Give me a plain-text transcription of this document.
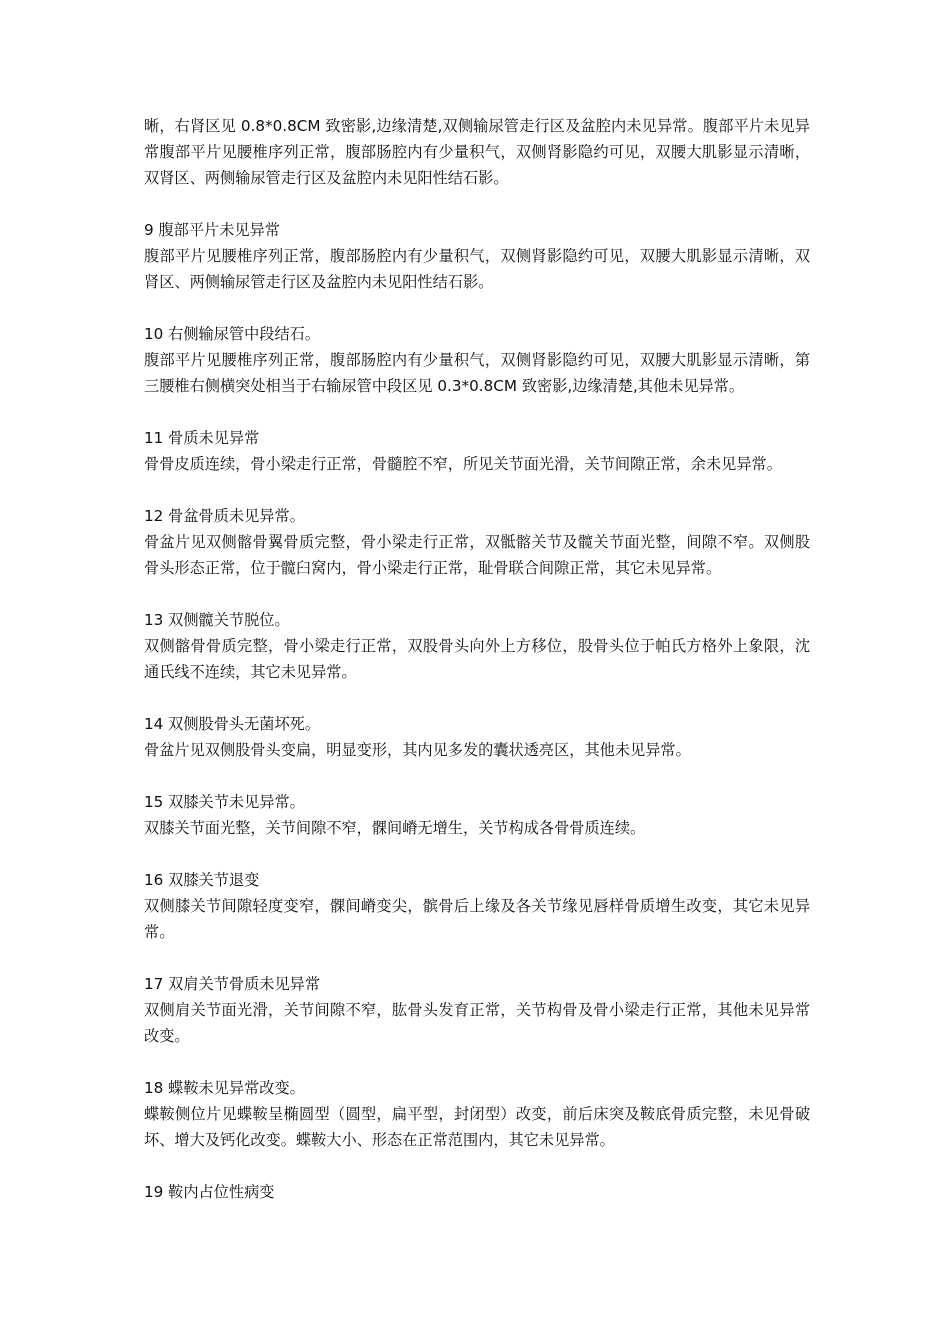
晰，右肾区见 0.8*0.8CM 致密影,边缘清楚,双侧输尿管走行区及盆腔内未见异常。腹部平片未见异常腹部平片见腰椎序列正常，腹部肠腔内有少量积气，双侧肾影隐约可见，双腰大肌影显示清晰，双肾区、两侧输尿管走行区及盆腔内未见阳性结石影。

9 腹部平片未见异常

腹部平片见腰椎序列正常，腹部肠腔内有少量积气，双侧肾影隐约可见，双腰大肌影显示清晰，双肾区、两侧输尿管走行区及盆腔内未见阳性结石影。

10 右侧输尿管中段结石。

腹部平片见腰椎序列正常，腹部肠腔内有少量积气，双侧肾影隐约可见，双腰大肌影显示清晰，第三腰椎右侧横突处相当于右输尿管中段区见 0.3*0.8CM 致密影,边缘清楚,其他未见异常。

11 骨质未见异常

骨骨皮质连续，骨小梁走行正常，骨髓腔不窄，所见关节面光滑，关节间隙正常，余未见异常。

12 骨盆骨质未见异常。

骨盆片见双侧髂骨翼骨质完整，骨小梁走行正常，双骶髂关节及髋关节面光整，间隙不窄。双侧股骨头形态正常，位于髋臼窝内，骨小梁走行正常，耻骨联合间隙正常，其它未见异常。

13 双侧髋关节脱位。

双侧髂骨骨质完整，骨小梁走行正常，双股骨头向外上方移位，股骨头位于帕氏方格外上象限，沈通氏线不连续，其它未见异常。

14 双侧股骨头无菌坏死。

骨盆片见双侧股骨头变扁，明显变形，其内见多发的囊状透亮区，其他未见异常。

15 双膝关节未见异常。

双膝关节面光整，关节间隙不窄，髁间嵴无增生，关节构成各骨骨质连续。

16 双膝关节退变

双侧膝关节间隙轻度变窄，髁间嵴变尖，髌骨后上缘及各关节缘见唇样骨质增生改变，其它未见异常。

17 双肩关节骨质未见异常

双侧肩关节面光滑，关节间隙不窄，肱骨头发育正常，关节构骨及骨小梁走行正常，其他未见异常改变。

18 蝶鞍未见异常改变。

蝶鞍侧位片见蝶鞍呈椭圆型（圆型，扁平型，封闭型）改变，前后床突及鞍底骨质完整，未见骨破坏、增大及钙化改变。蝶鞍大小、形态在正常范围内，其它未见异常。

19 鞍内占位性病变
